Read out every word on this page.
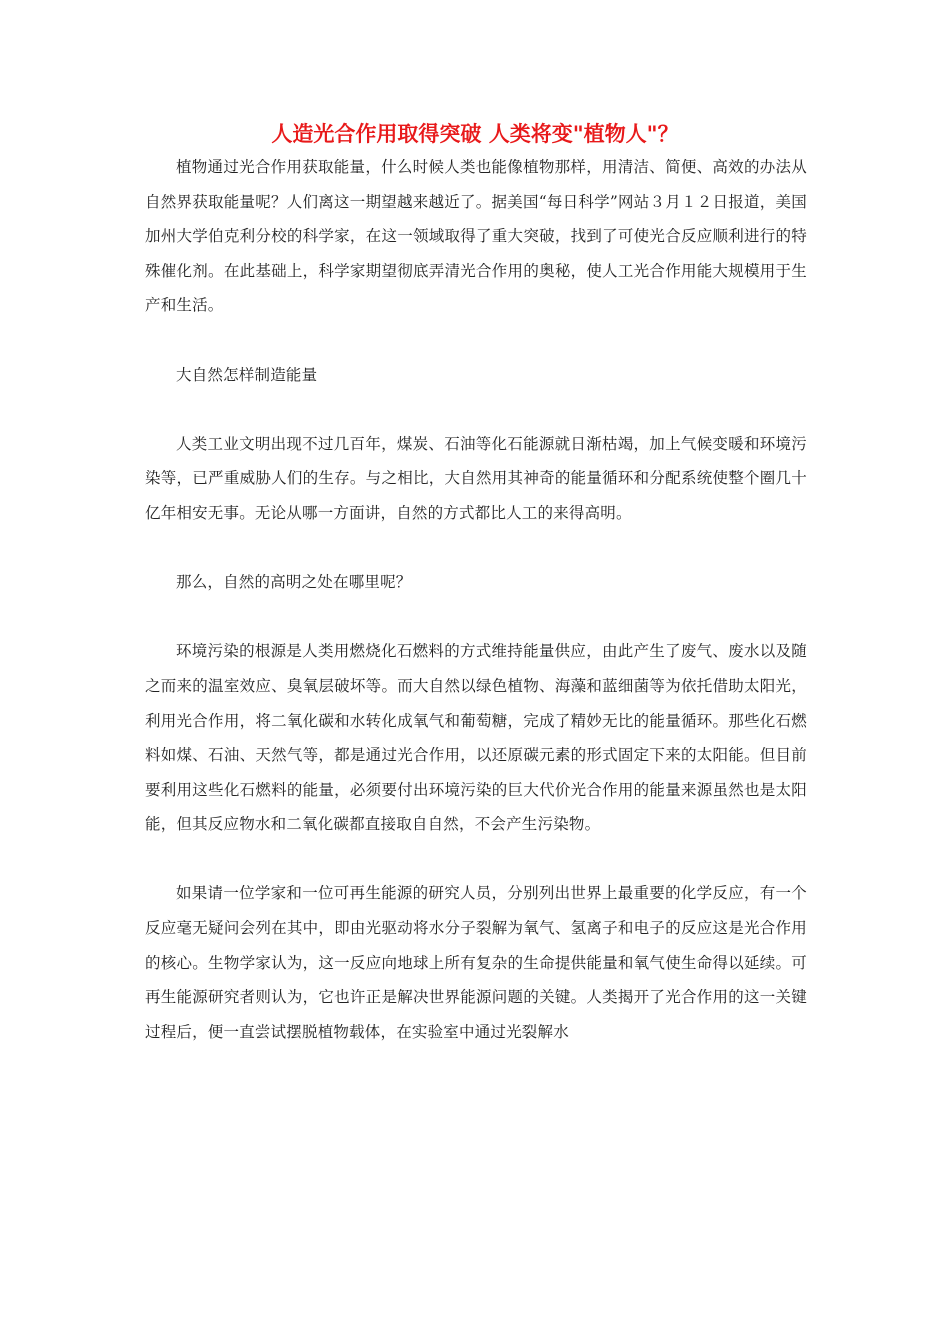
人造光合作用取得突破 人类将变"植物人"？

植物通过光合作用获取能量，什么时候人类也能像植物那样，用清洁、简便、高效的办法从自然界获取能量呢？人们离这一期望越来越近了。据美国“每日科学”网站３月１２日报道，美国加州大学伯克利分校的科学家，在这一领域取得了重大突破，找到了可使光合反应顺利进行的特殊催化剂。在此基础上，科学家期望彻底弄清光合作用的奥秘，使人工光合作用能大规模用于生产和生活。

大自然怎样制造能量

人类工业文明出现不过几百年，煤炭、石油等化石能源就日渐枯竭，加上气候变暖和环境污染等，已严重威胁人们的生存。与之相比，大自然用其神奇的能量循环和分配系统使整个圈几十亿年相安无事。无论从哪一方面讲，自然的方式都比人工的来得高明。

那么，自然的高明之处在哪里呢？

环境污染的根源是人类用燃烧化石燃料的方式维持能量供应，由此产生了废气、废水以及随之而来的温室效应、臭氧层破坏等。而大自然以绿色植物、海藻和蓝细菌等为依托借助太阳光，利用光合作用，将二氧化碳和水转化成氧气和葡萄糖，完成了精妙无比的能量循环。那些化石燃料如煤、石油、天然气等，都是通过光合作用，以还原碳元素的形式固定下来的太阳能。但目前要利用这些化石燃料的能量，必须要付出环境污染的巨大代价光合作用的能量来源虽然也是太阳能，但其反应物水和二氧化碳都直接取自自然，不会产生污染物。

如果请一位学家和一位可再生能源的研究人员，分别列出世界上最重要的化学反应，有一个反应毫无疑问会列在其中，即由光驱动将水分子裂解为氧气、氢离子和电子的反应这是光合作用的核心。生物学家认为，这一反应向地球上所有复杂的生命提供能量和氧气使生命得以延续。可再生能源研究者则认为，它也许正是解决世界能源问题的关键。人类揭开了光合作用的这一关键过程后，便一直尝试摆脱植物载体，在实验室中通过光裂解水
